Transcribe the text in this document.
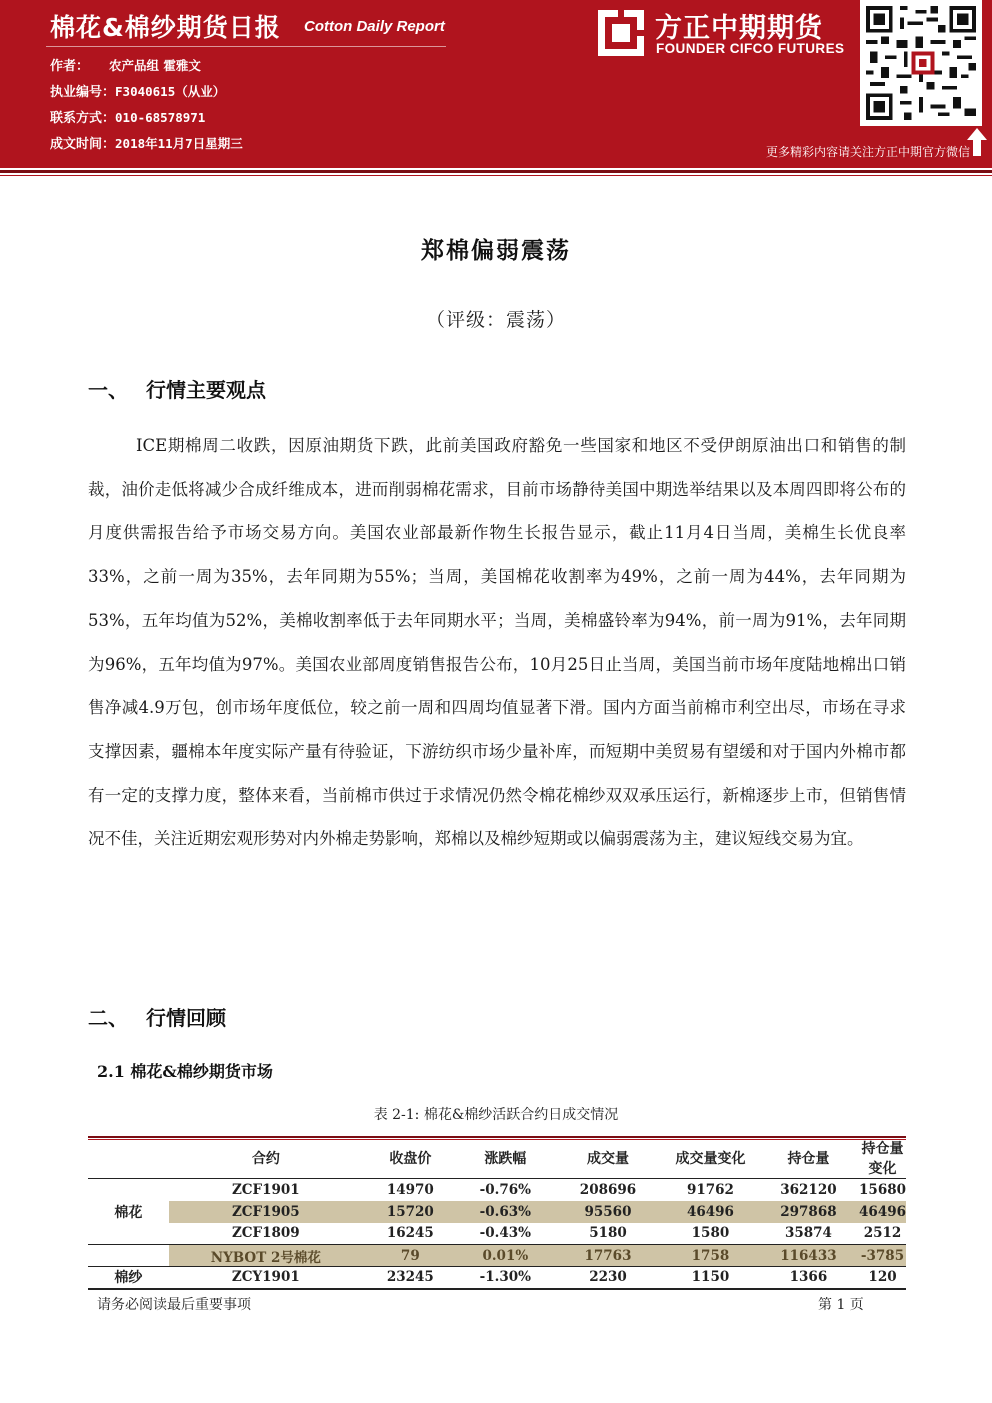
棉花&棉纱期货日报 Cotton Daily Report
作者： 农产品组 霍雅文
执业编号：F3040615（从业）
联系方式：010-68578971
成文时间：2018年11月7日星期三
方正中期期货
FOUNDER CIFCO FUTURES
更多精彩内容请关注方正中期官方微信
郑棉偏弱震荡
（评级：震荡）
一、 行情主要观点
ICE期棉周二收跌，因原油期货下跌，此前美国政府豁免一些国家和地区不受伊朗原油出口和销售的制裁，油价走低将减少合成纤维成本，进而削弱棉花需求，目前市场静待美国中期选举结果以及本周四即将公布的月度供需报告给予市场交易方向。美国农业部最新作物生长报告显示，截止11月4日当周，美棉生长优良率33%，之前一周为35%，去年同期为55%；当周，美国棉花收割率为49%，之前一周为44%，去年同期为53%，五年均值为52%，美棉收割率低于去年同期水平；当周，美棉盛铃率为94%，前一周为91%，去年同期为96%，五年均值为97%。美国农业部周度销售报告公布，10月25日止当周，美国当前市场年度陆地棉出口销售净减4.9万包，创市场年度低位，较之前一周和四周均值显著下滑。国内方面当前棉市利空出尽，市场在寻求支撑因素，疆棉本年度实际产量有待验证，下游纺织市场少量补库，而短期中美贸易有望缓和对于国内外棉市都有一定的支撑力度，整体来看，当前棉市供过于求情况仍然令棉花棉纱双双承压运行，新棉逐步上市，但销售情况不佳，关注近期宏观形势对内外棉走势影响，郑棉以及棉纱短期或以偏弱震荡为主，建议短线交易为宜。
二、 行情回顾
2.1 棉花&棉纱期货市场
表 2-1: 棉花&棉纱活跃合约日成交情况
	合约	收盘价	涨跌幅	成交量	成交量变化	持仓量	持仓量变化
棉花	ZCF1901	14970	-0.76%	208696	91762	362120	15680
	ZCF1905	15720	-0.63%	95560	46496	297868	46496
	ZCF1809	16245	-0.43%	5180	1580	35874	2512
	NYBOT 2号棉花	79	0.01%	17763	1758	116433	-3785
棉纱	ZCY1901	23245	-1.30%	2230	1150	1366	120
请务必阅读最后重要事项	第 1 页
